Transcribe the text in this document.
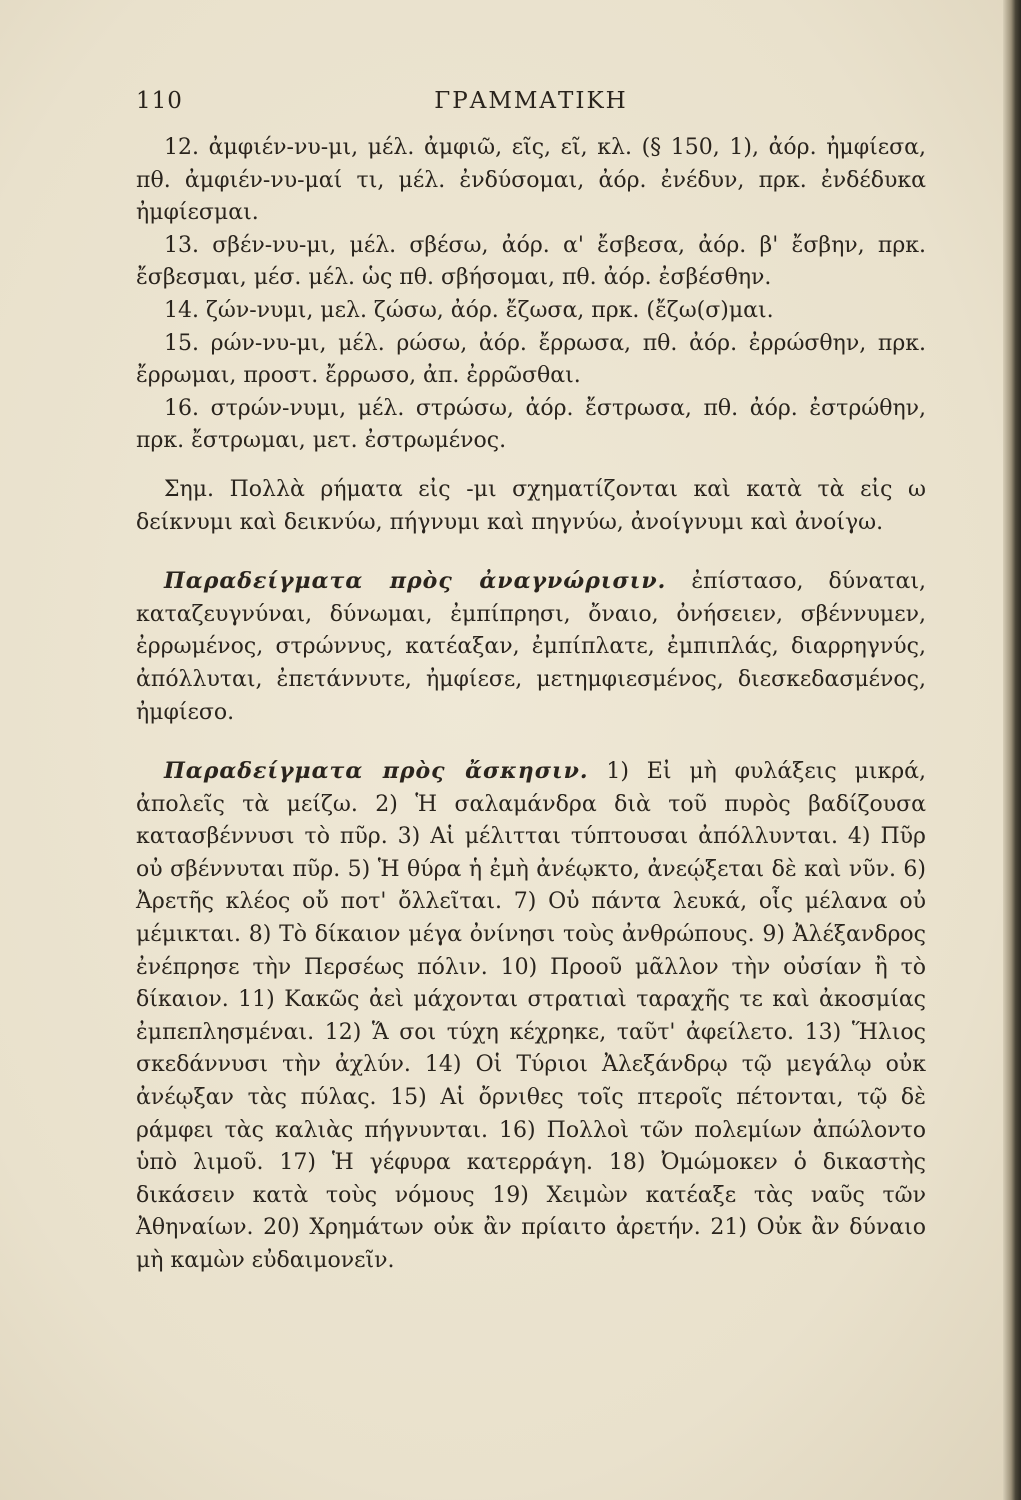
110	ΓΡΑΜΜΑΤΙΚΗ

12. ἀμφιέν-νυ-μι, μέλ. ἀμφιῶ, εῖς, εῖ, κλ. (§ 150, 1), ἀόρ. ἠμφίεσα, πθ. ἀμφιέν-νυ-μαί τι, μέλ. ἐνδύσομαι, ἀόρ. ἐνέδυν, πρκ. ἐνδέδυκα ἠμφίεσμαι.

13. σβέν-νυ-μι, μέλ. σβέσω, ἀόρ. α' ἔσβεσα, ἀόρ. β' ἔσβην, πρκ. ἔσβεσμαι, μέσ. μέλ. ὡς πθ. σβήσομαι, πθ. ἀόρ. ἐσβέσθην.

14. ζών-νυμι, μελ. ζώσω, ἀόρ. ἔζωσα, πρκ. (ἔζω(σ)μαι.

15. ρών-νυ-μι, μέλ. ρώσω, ἀόρ. ἔρρωσα, πθ. ἀόρ. ἐρρώσθην, πρκ. ἔρρωμαι, προστ. ἔρρωσο, ἀπ. ἐρρῶσθαι.

16. στρών-νυμι, μέλ. στρώσω, ἀόρ. ἔστρωσα, πθ. ἀόρ. ἐστρώθην, πρκ. ἔστρωμαι, μετ. ἐστρωμένος.

Σημ. Πολλὰ ρήματα εἰς -μι σχηματίζονται καὶ κατὰ τὰ εἰς ω δείκνυμι καὶ δεικνύω, πήγνυμι καὶ πηγνύω, ἀνοίγνυμι καὶ ἀνοίγω.

Παραδείγματα πρὸς ἀναγνώρισιν. ἐπίστασο, δύναται, καταζευγνύναι, δύνωμαι, ἐμπίπρησι, ὄναιο, ὀνήσειεν, σβέννυμεν, ἐρρωμένος, στρώννυς, κατέαξαν, ἐμπίπλατε, ἐμπιπλάς, διαρρηγνύς, ἀπόλλυται, ἐπετάννυτε, ἠμφίεσε, μετημφιεσμένος, διεσκεδασμένος, ἠμφίεσο.

Παραδείγματα πρὸς ἄσκησιν. 1) Εἰ μὴ φυλάξεις μικρά, ἀπολεῖς τὰ μείζω. 2) Ἡ σαλαμάνδρα διὰ τοῦ πυρὸς βαδίζουσα κατασβέννυσι τὸ πῦρ. 3) Αἱ μέλιτται τύπτουσαι ἀπόλλυνται. 4) Πῦρ οὐ σβέννυται πῦρ. 5) Ἡ θύρα ἡ ἐμὴ ἀνέῳκτο, ἀνεῴξεται δὲ καὶ νῦν. 6) Ἀρετῆς κλέος οὔ ποτ' ὄλλεῖται. 7) Οὐ πάντα λευκά, οἷς μέλανα οὐ μέμικται. 8) Τὸ δίκαιον μέγα ὀνίνησι τοὺς ἀνθρώπους. 9) Ἀλέξανδρος ἐνέπρησε τὴν Περσέως πόλιν. 10) Προοῦ μᾶλλον τὴν οὐσίαν ἢ τὸ δίκαιον. 11) Κακῶς ἀεὶ μάχονται στρατιαὶ ταραχῆς τε καὶ ἀκοσμίας ἐμπεπλησμέναι. 12) Ἅ σοι τύχη κέχρηκε, ταῦτ' ἀφείλετο. 13) Ἥλιος σκεδάννυσι τὴν ἀχλύν. 14) Οἱ Τύριοι Ἀλεξάνδρῳ τῷ μεγάλῳ οὐκ ἀνέῳξαν τὰς πύλας. 15) Αἱ ὄρνιθες τοῖς πτεροῖς πέτονται, τῷ δὲ ράμφει τὰς καλιὰς πήγνυνται. 16) Πολλοὶ τῶν πολεμίων ἀπώλοντο ὑπὸ λιμοῦ. 17) Ἡ γέφυρα κατερράγη. 18) Ὀμώμοκεν ὁ δικαστὴς δικάσειν κατὰ τοὺς νόμους 19) Χειμὼν κατέαξε τὰς ναῦς τῶν Ἀθηναίων. 20) Χρημάτων οὐκ ἂν πρίαιτο ἀρετήν. 21) Οὐκ ἂν δύναιο μὴ καμὼν εὐδαιμονεῖν.
